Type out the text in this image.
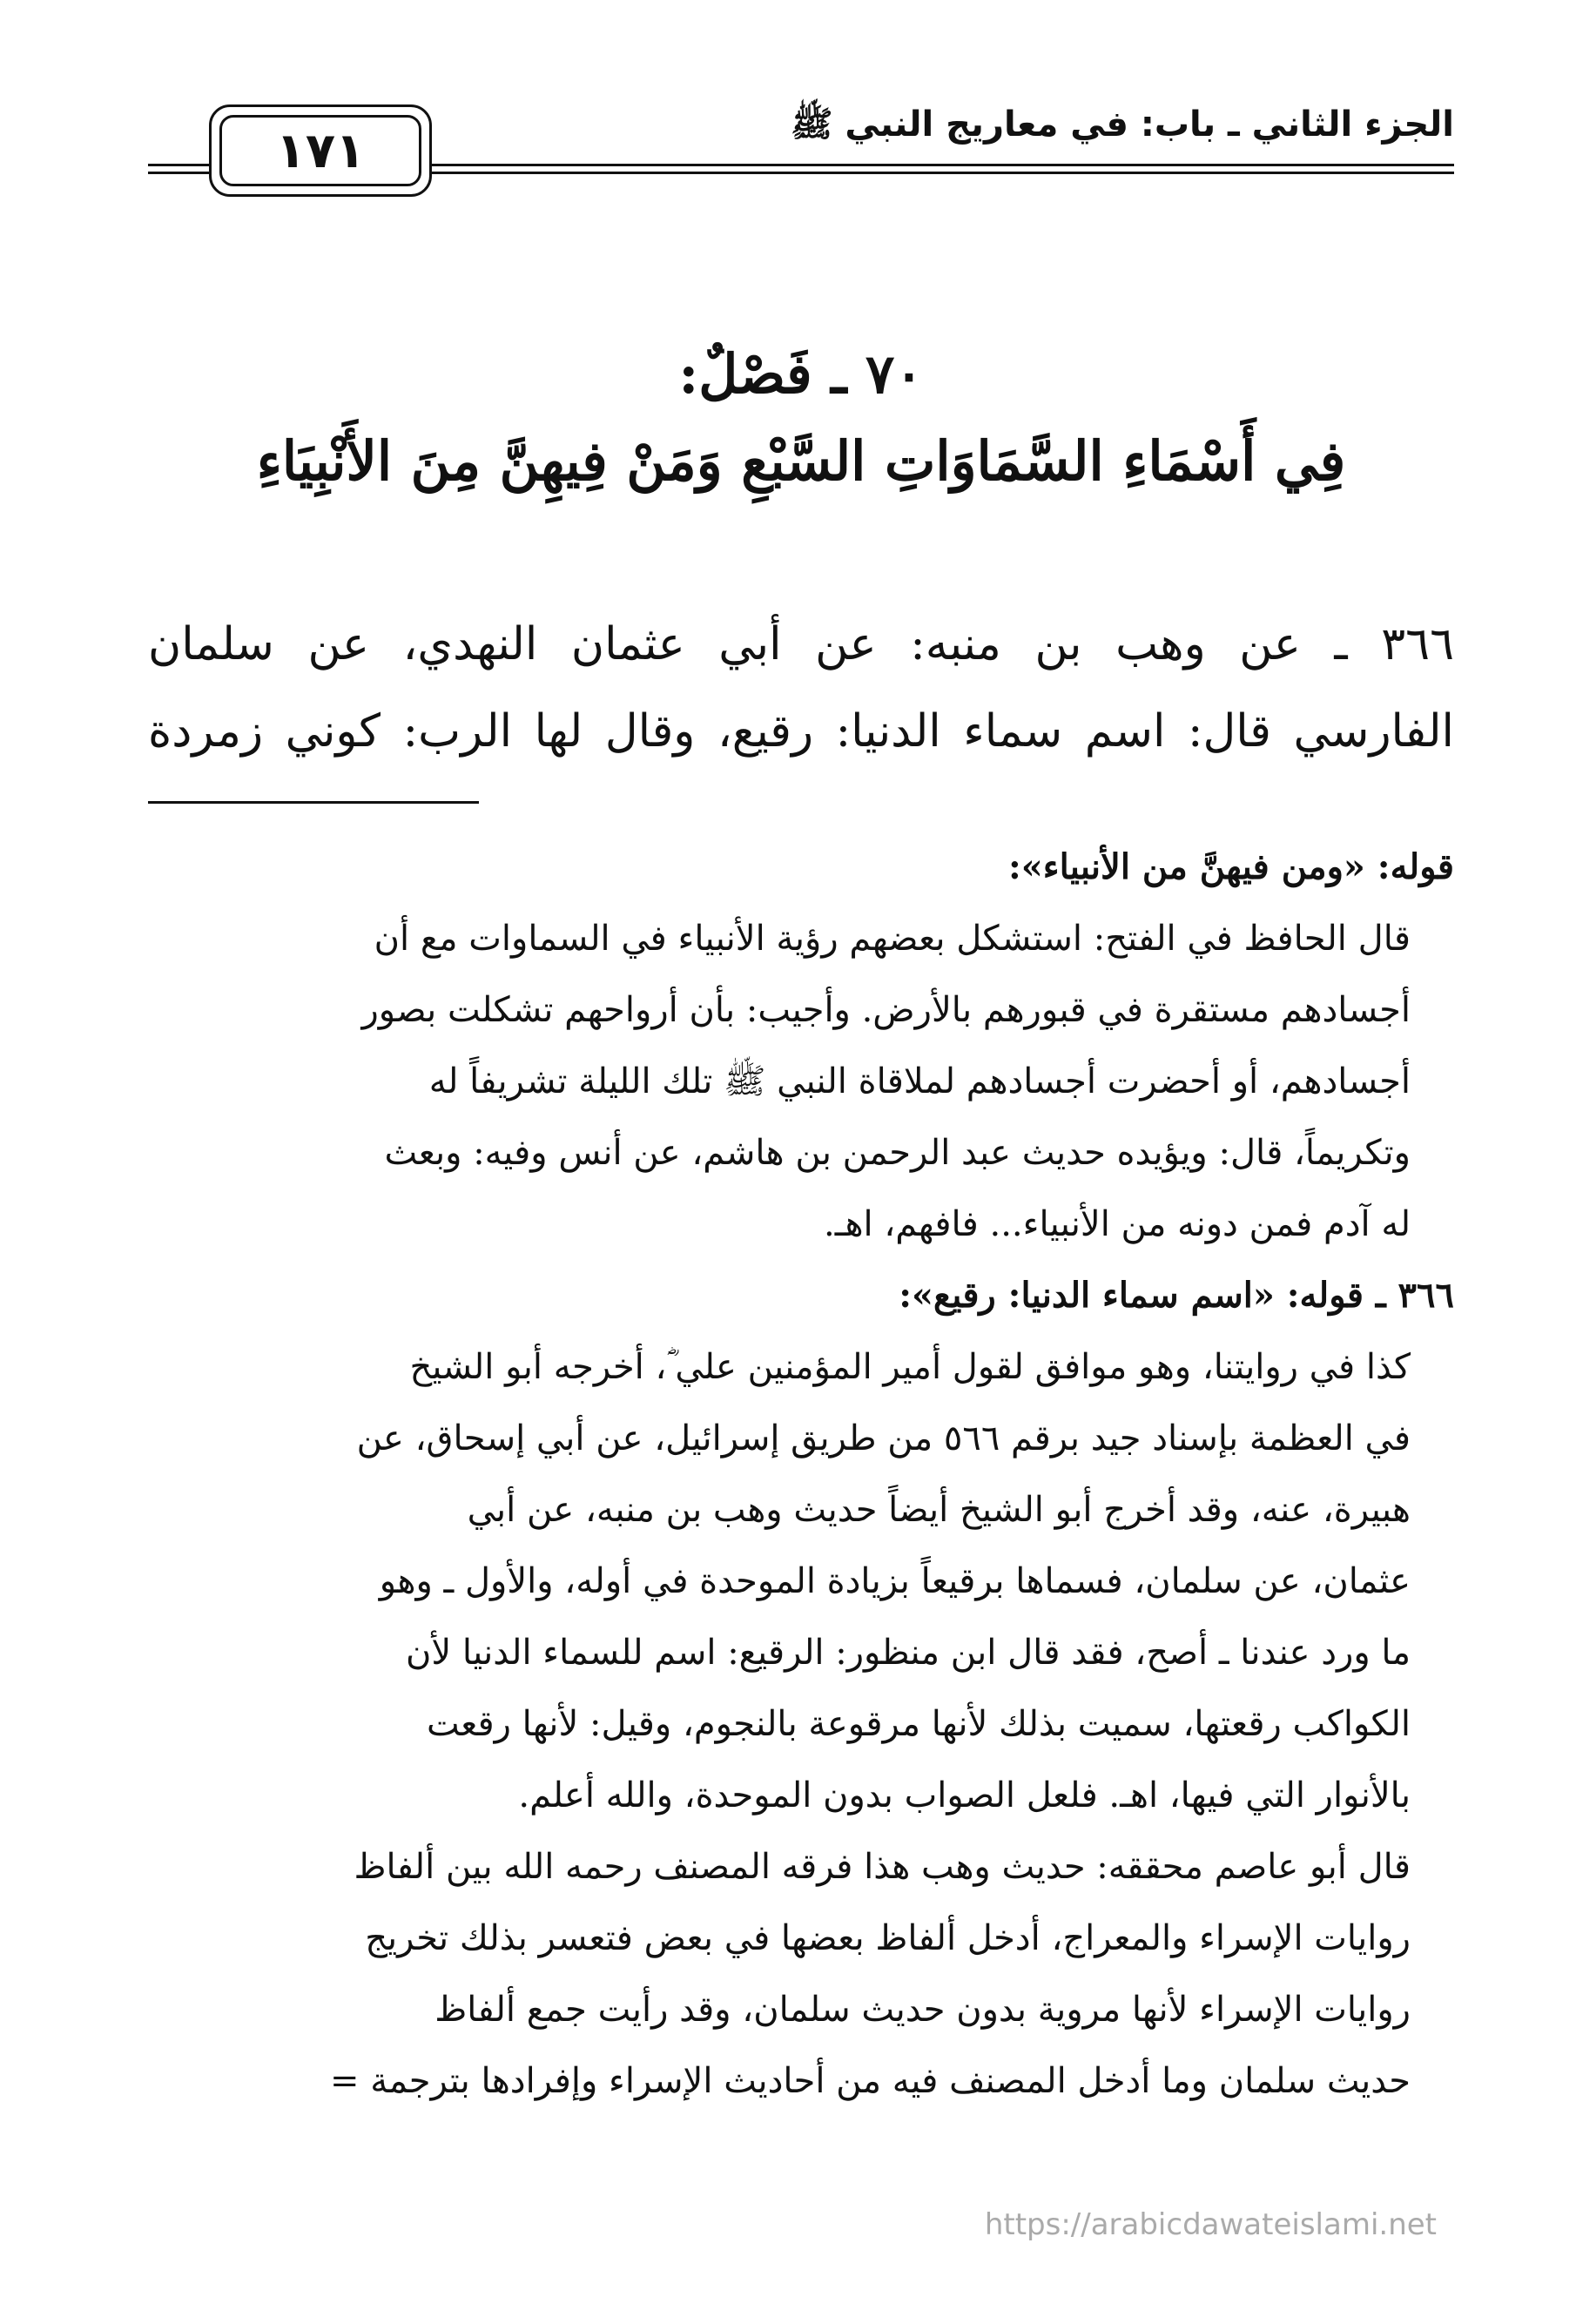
الجزء الثاني ـ باب: في معاريج النبي ﷺ
١٧١
٧٠ ـ فَصْلٌ:
فِي أَسْمَاءِ السَّمَاوَاتِ السَّبْعِ وَمَنْ فِيهِنَّ مِنَ الأَنْبِيَاءِ

٣٦٦ ـ عن وهب بن منبه: عن أبي عثمان النهدي، عن سلمان

الفارسي قال: اسم سماء الدنيا: رقيع، وقال لها الرب: كوني زمردة

قوله: «ومن فيهنَّ من الأنبياء»:
قال الحافظ في الفتح: استشكل بعضهم رؤية الأنبياء في السماوات مع أن
أجسادهم مستقرة في قبورهم بالأرض. وأجيب: بأن أرواحهم تشكلت بصور
أجسادهم، أو أحضرت أجسادهم لملاقاة النبي ﷺ تلك الليلة تشريفاً له
وتكريماً، قال: ويؤيده حديث عبد الرحمن بن هاشم، عن أنس وفيه: وبعث
له آدم فمن دونه من الأنبياء... فافهم، اهـ.
٣٦٦ ـ قوله: «اسم سماء الدنيا: رقيع»:
كذا في روايتنا، وهو موافق لقول أمير المؤمنين علي ؓ، أخرجه أبو الشيخ
في العظمة بإسناد جيد برقم ٥٦٦ من طريق إسرائيل، عن أبي إسحاق، عن
هبيرة، عنه، وقد أخرج أبو الشيخ أيضاً حديث وهب بن منبه، عن أبي
عثمان، عن سلمان، فسماها برقيعاً بزيادة الموحدة في أوله، والأول ـ وهو
ما ورد عندنا ـ أصح، فقد قال ابن منظور: الرقيع: اسم للسماء الدنيا لأن
الكواكب رقعتها، سميت بذلك لأنها مرقوعة بالنجوم، وقيل: لأنها رقعت
بالأنوار التي فيها، اهـ. فلعل الصواب بدون الموحدة، والله أعلم.
قال أبو عاصم محققه: حديث وهب هذا فرقه المصنف رحمه الله بين ألفاظ
روايات الإسراء والمعراج، أدخل ألفاظ بعضها في بعض فتعسر بذلك تخريج
روايات الإسراء لأنها مروية بدون حديث سلمان، وقد رأيت جمع ألفاظ
حديث سلمان وما أدخل المصنف فيه من أحاديث الإسراء وإفرادها بترجمة =
https://arabicdawateislami.net
